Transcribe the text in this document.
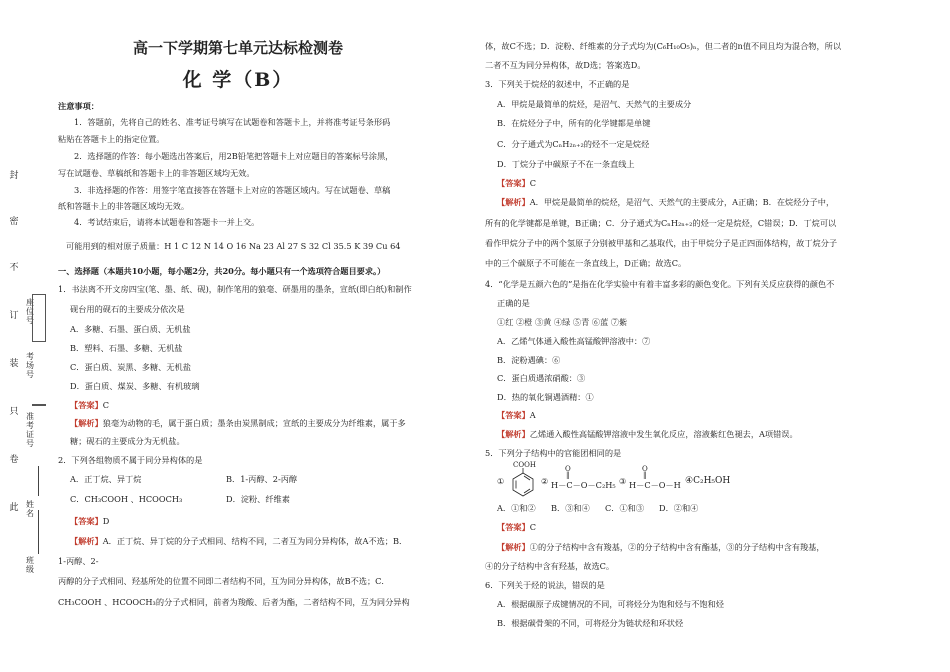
封
密
不
订
装
只
卷
此
班级
姓名
准考证号
考场号
座位号
高一下学期第七单元达标检测卷
化 学（B）
注意事项：
1．答题前，先将自己的姓名、准考证号填写在试题卷和答题卡上，并将准考证号条形码
粘贴在答题卡上的指定位置。
2．选择题的作答：每小题选出答案后，用2B铅笔把答题卡上对应题目的答案标号涂黑，
写在试题卷、草稿纸和答题卡上的非答题区域均无效。
3．非选择题的作答：用签字笔直接答在答题卡上对应的答题区域内。写在试题卷、草稿
纸和答题卡上的非答题区域均无效。
4．考试结束后，请将本试题卷和答题卡一并上交。
可能用到的相对原子质量：H 1 C 12 N 14 O 16 Na 23 Al 27 S 32 Cl 35.5 K 39 Cu 64
一、选择题（本题共10小题，每小题2分，共20分。每小题只有一个选项符合题目要求。）
1．书法离不开文房四宝(笔、墨、纸、砚)，制作笔用的狼毫、研墨用的墨条，宣纸(即白纸)和制作
砚台用的砚石的主要成分依次是
A．多糖、石墨、蛋白质、无机盐
B．塑料、石墨、多糖、无机盐
C．蛋白质、炭黑、多糖、无机盐
D．蛋白质、煤炭、多糖、有机玻璃
【答案】C
【解析】狼毫为动物的毛，属于蛋白质；墨条由炭黑制成；宣纸的主要成分为纤维素，属于多
糖；砚石的主要成分为无机盐。
2．下列各组物质不属于同分异构体的是
A．正丁烷、异丁烷	B．1-丙醇、2-丙醇
C．CH₃COOH 、HCOOCH₃	D．淀粉、纤维素
【答案】D
【解析】A．正丁烷、异丁烷的分子式相同、结构不同，二者互为同分异构体，故A不选；B．
1-丙醇、2-
丙醇的分子式相同、羟基所处的位置不同即二者结构不同，互为同分异构体，故B不选；C．
CH₃COOH 、HCOOCH₃的分子式相同，前者为羧酸、后者为酯，二者结构不同，互为同分异构
体，故C不选；D．淀粉、纤维素的分子式均为(C₆H₁₀O₅)ₙ，但二者的n值不同且均为混合物，所以
二者不互为同分异构体，故D选；答案选D。
3．下列关于烷烃的叙述中，不正确的是
A．甲烷是最简单的烷烃，是沼气、天然气的主要成分
B．在烷烃分子中，所有的化学键都是单键
C．分子通式为CₙH₂ₙ₊₂的烃不一定是烷烃
D．丁烷分子中碳原子不在一条直线上
【答案】C
【解析】A．甲烷是最简单的烷烃，是沼气、天然气的主要成分，A正确；B．在烷烃分子中，
所有的化学键都是单键，B正确；C．分子通式为CₙH₂ₙ₊₂的烃一定是烷烃，C错误；D．丁烷可以
看作甲烷分子中的两个氢原子分别被甲基和乙基取代，由于甲烷分子是正四面体结构，故丁烷分子
中的三个碳原子不可能在一条直线上，D正确；故选C。
4．“化学是五颜六色的”是指在化学实验中有着丰富多彩的颜色变化。下列有关反应获得的颜色不
正确的是
①红 ②橙 ③黄 ④绿 ⑤青 ⑥蓝 ⑦紫
A．乙烯气体通入酸性高锰酸钾溶液中：⑦
B．淀粉遇碘：⑥
C．蛋白质遇浓硝酸：③
D．热的氧化铜遇酒精：①
【答案】A
【解析】乙烯通入酸性高锰酸钾溶液中发生氧化反应，溶液紫红色褪去，A项错误。
5．下列分子结构中的官能团相同的是
①
COOH
②
O
‖
H－C－O－C₂H₅ ③
O
‖
H－C－O－H ④C₂H₅OH
A．①和② B．③和④ C．①和③ D．②和④
【答案】C
【解析】①的分子结构中含有羧基，②的分子结构中含有酯基，③的分子结构中含有羧基，
④的分子结构中含有羟基，故选C。
6．下列关于烃的说法，错误的是
A．根据碳原子成键情况的不同，可将烃分为饱和烃与不饱和烃
B．根据碳骨架的不同，可将烃分为链状烃和环状烃
